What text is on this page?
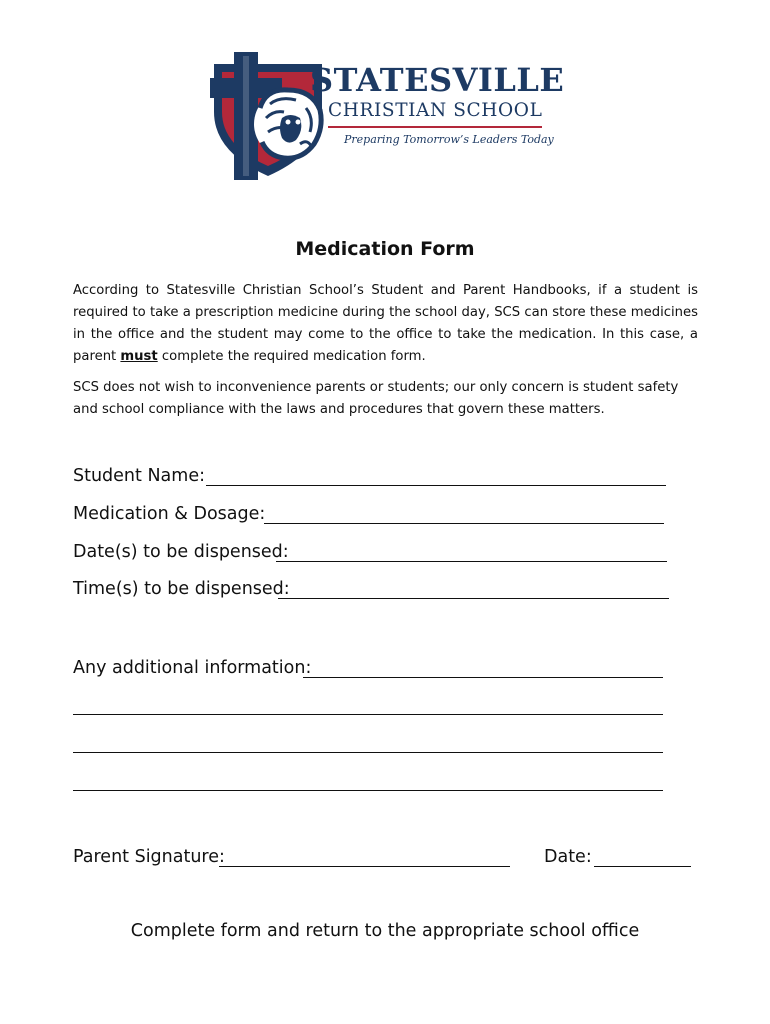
STATESVILLE
CHRISTIAN SCHOOL
Preparing Tomorrow’s Leaders Today
Medication Form

According to Statesville Christian School’s Student and Parent Handbooks, if a student is required to take a prescription medicine during the school day, SCS can store these medicines in the office and the student may come to the office to take the medication. In this case, a parent must complete the required medication form.

SCS does not wish to inconvenience parents or students; our only concern is student safety and school compliance with the laws and procedures that govern these matters.

Student Name:
Medication & Dosage:
Date(s) to be dispensed:
Time(s) to be dispensed:
Any additional information:
Parent Signature:	Date:
Complete form and return to the appropriate school office
